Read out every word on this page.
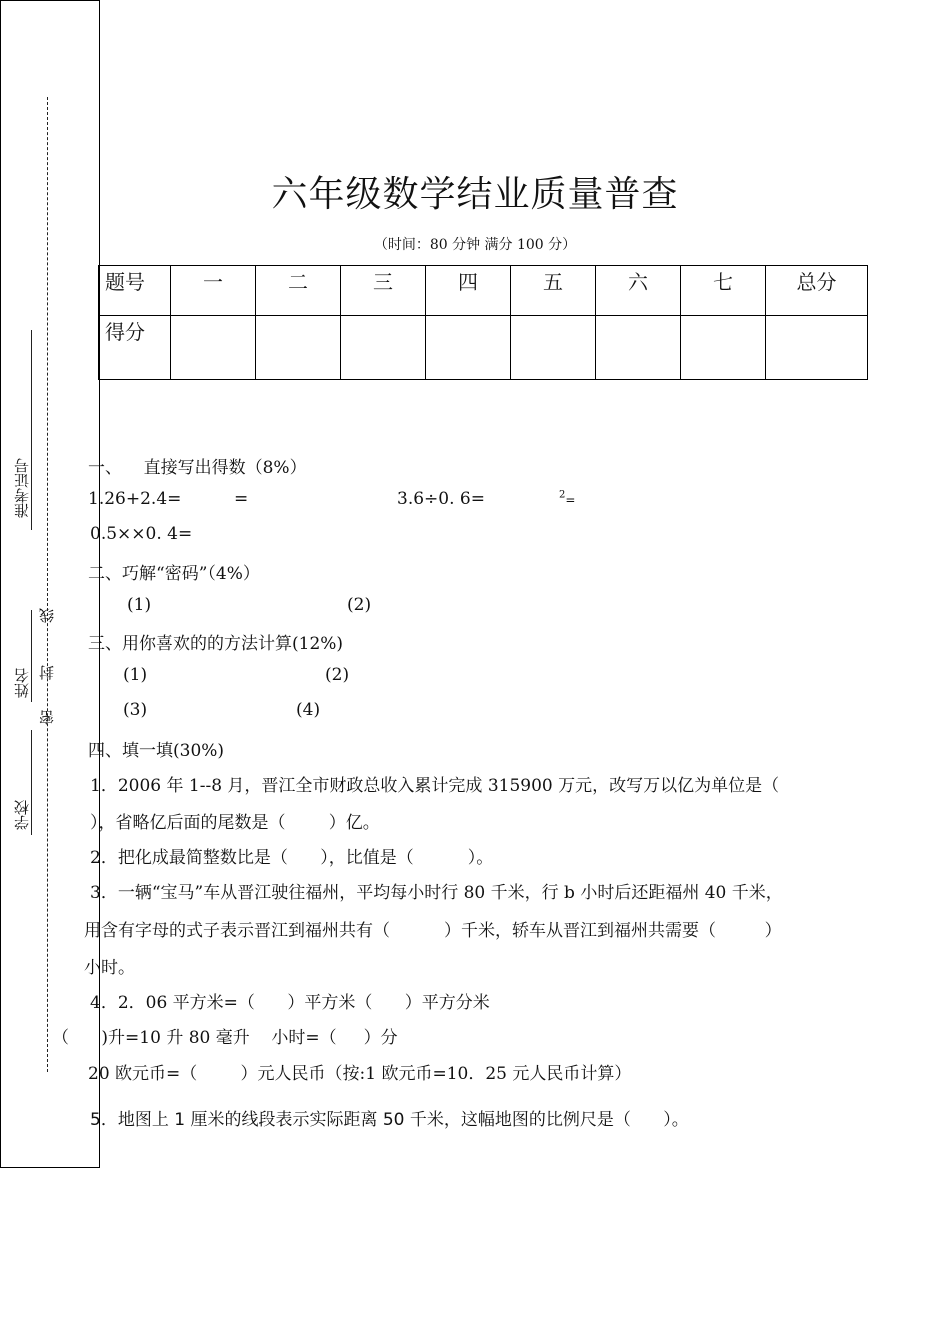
学校
姓名
准考证号
密
封
线
六年级数学结业质量普查
（时间：80 分钟 满分 100 分）
题号	一	二	三	四	五	六	七	总分
得分								
一、    直接写出得数（8%）
1.26+2.4=	=	3.6÷0. 6=	$^2$=
0.5××0. 4=
二、巧解“密码”（4%）
(1)	(2)
三、用你喜欢的的方法计算(12%)
(1)	(2)
(3)	(4)
四、填一填(30%)
1．2006 年 1--8 月，晋江全市财政总收入累计完成 315900 万元，改写万以亿为单位是（
），省略亿后面的尾数是（        ）亿。
2．把化成最简整数比是（      ），比值是（          ）。
3．一辆“宝马”车从晋江驶往福州，平均每小时行 80 千米，行 b 小时后还距福州 40 千米，
用含有字母的式子表示晋江到福州共有（          ）千米，轿车从晋江到福州共需要（         ）
小时。
4．2．06 平方米=（      ）平方米（      ）平方分米
（      )升=10 升 80 毫升    小时=（     ）分
20 欧元币=（        ）元人民币（按:1 欧元币=10．25 元人民币计算）
5．地图上 1 厘米的线段表示实际距离 50 千米，这幅地图的比例尺是（      ）。
